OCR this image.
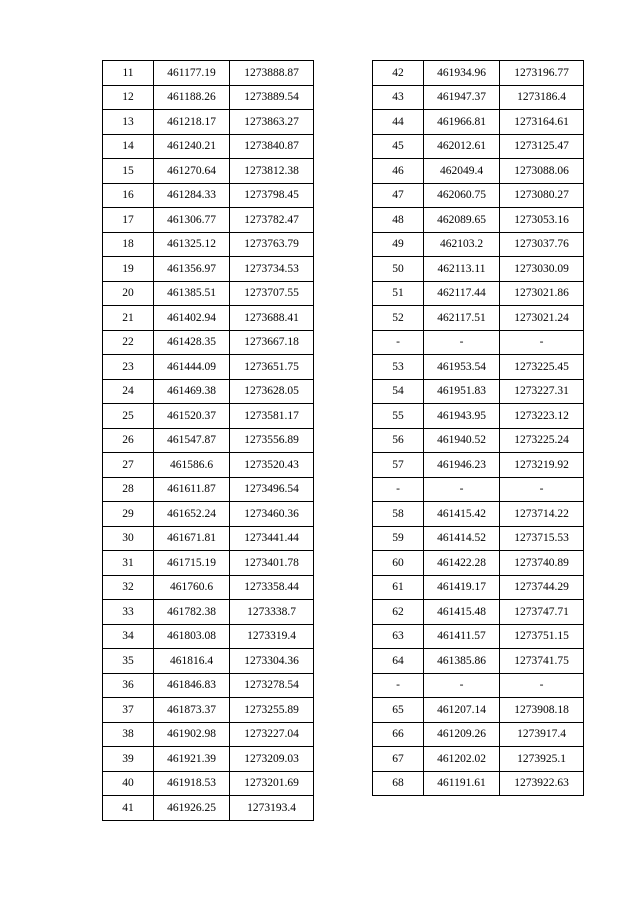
11	461177.19	1273888.87
12	461188.26	1273889.54
13	461218.17	1273863.27
14	461240.21	1273840.87
15	461270.64	1273812.38
16	461284.33	1273798.45
17	461306.77	1273782.47
18	461325.12	1273763.79
19	461356.97	1273734.53
20	461385.51	1273707.55
21	461402.94	1273688.41
22	461428.35	1273667.18
23	461444.09	1273651.75
24	461469.38	1273628.05
25	461520.37	1273581.17
26	461547.87	1273556.89
27	461586.6	1273520.43
28	461611.87	1273496.54
29	461652.24	1273460.36
30	461671.81	1273441.44
31	461715.19	1273401.78
32	461760.6	1273358.44
33	461782.38	1273338.7
34	461803.08	1273319.4
35	461816.4	1273304.36
36	461846.83	1273278.54
37	461873.37	1273255.89
38	461902.98	1273227.04
39	461921.39	1273209.03
40	461918.53	1273201.69
41	461926.25	1273193.4
42	461934.96	1273196.77
43	461947.37	1273186.4
44	461966.81	1273164.61
45	462012.61	1273125.47
46	462049.4	1273088.06
47	462060.75	1273080.27
48	462089.65	1273053.16
49	462103.2	1273037.76
50	462113.11	1273030.09
51	462117.44	1273021.86
52	462117.51	1273021.24
-	-	-
53	461953.54	1273225.45
54	461951.83	1273227.31
55	461943.95	1273223.12
56	461940.52	1273225.24
57	461946.23	1273219.92
-	-	-
58	461415.42	1273714.22
59	461414.52	1273715.53
60	461422.28	1273740.89
61	461419.17	1273744.29
62	461415.48	1273747.71
63	461411.57	1273751.15
64	461385.86	1273741.75
-	-	-
65	461207.14	1273908.18
66	461209.26	1273917.4
67	461202.02	1273925.1
68	461191.61	1273922.63
